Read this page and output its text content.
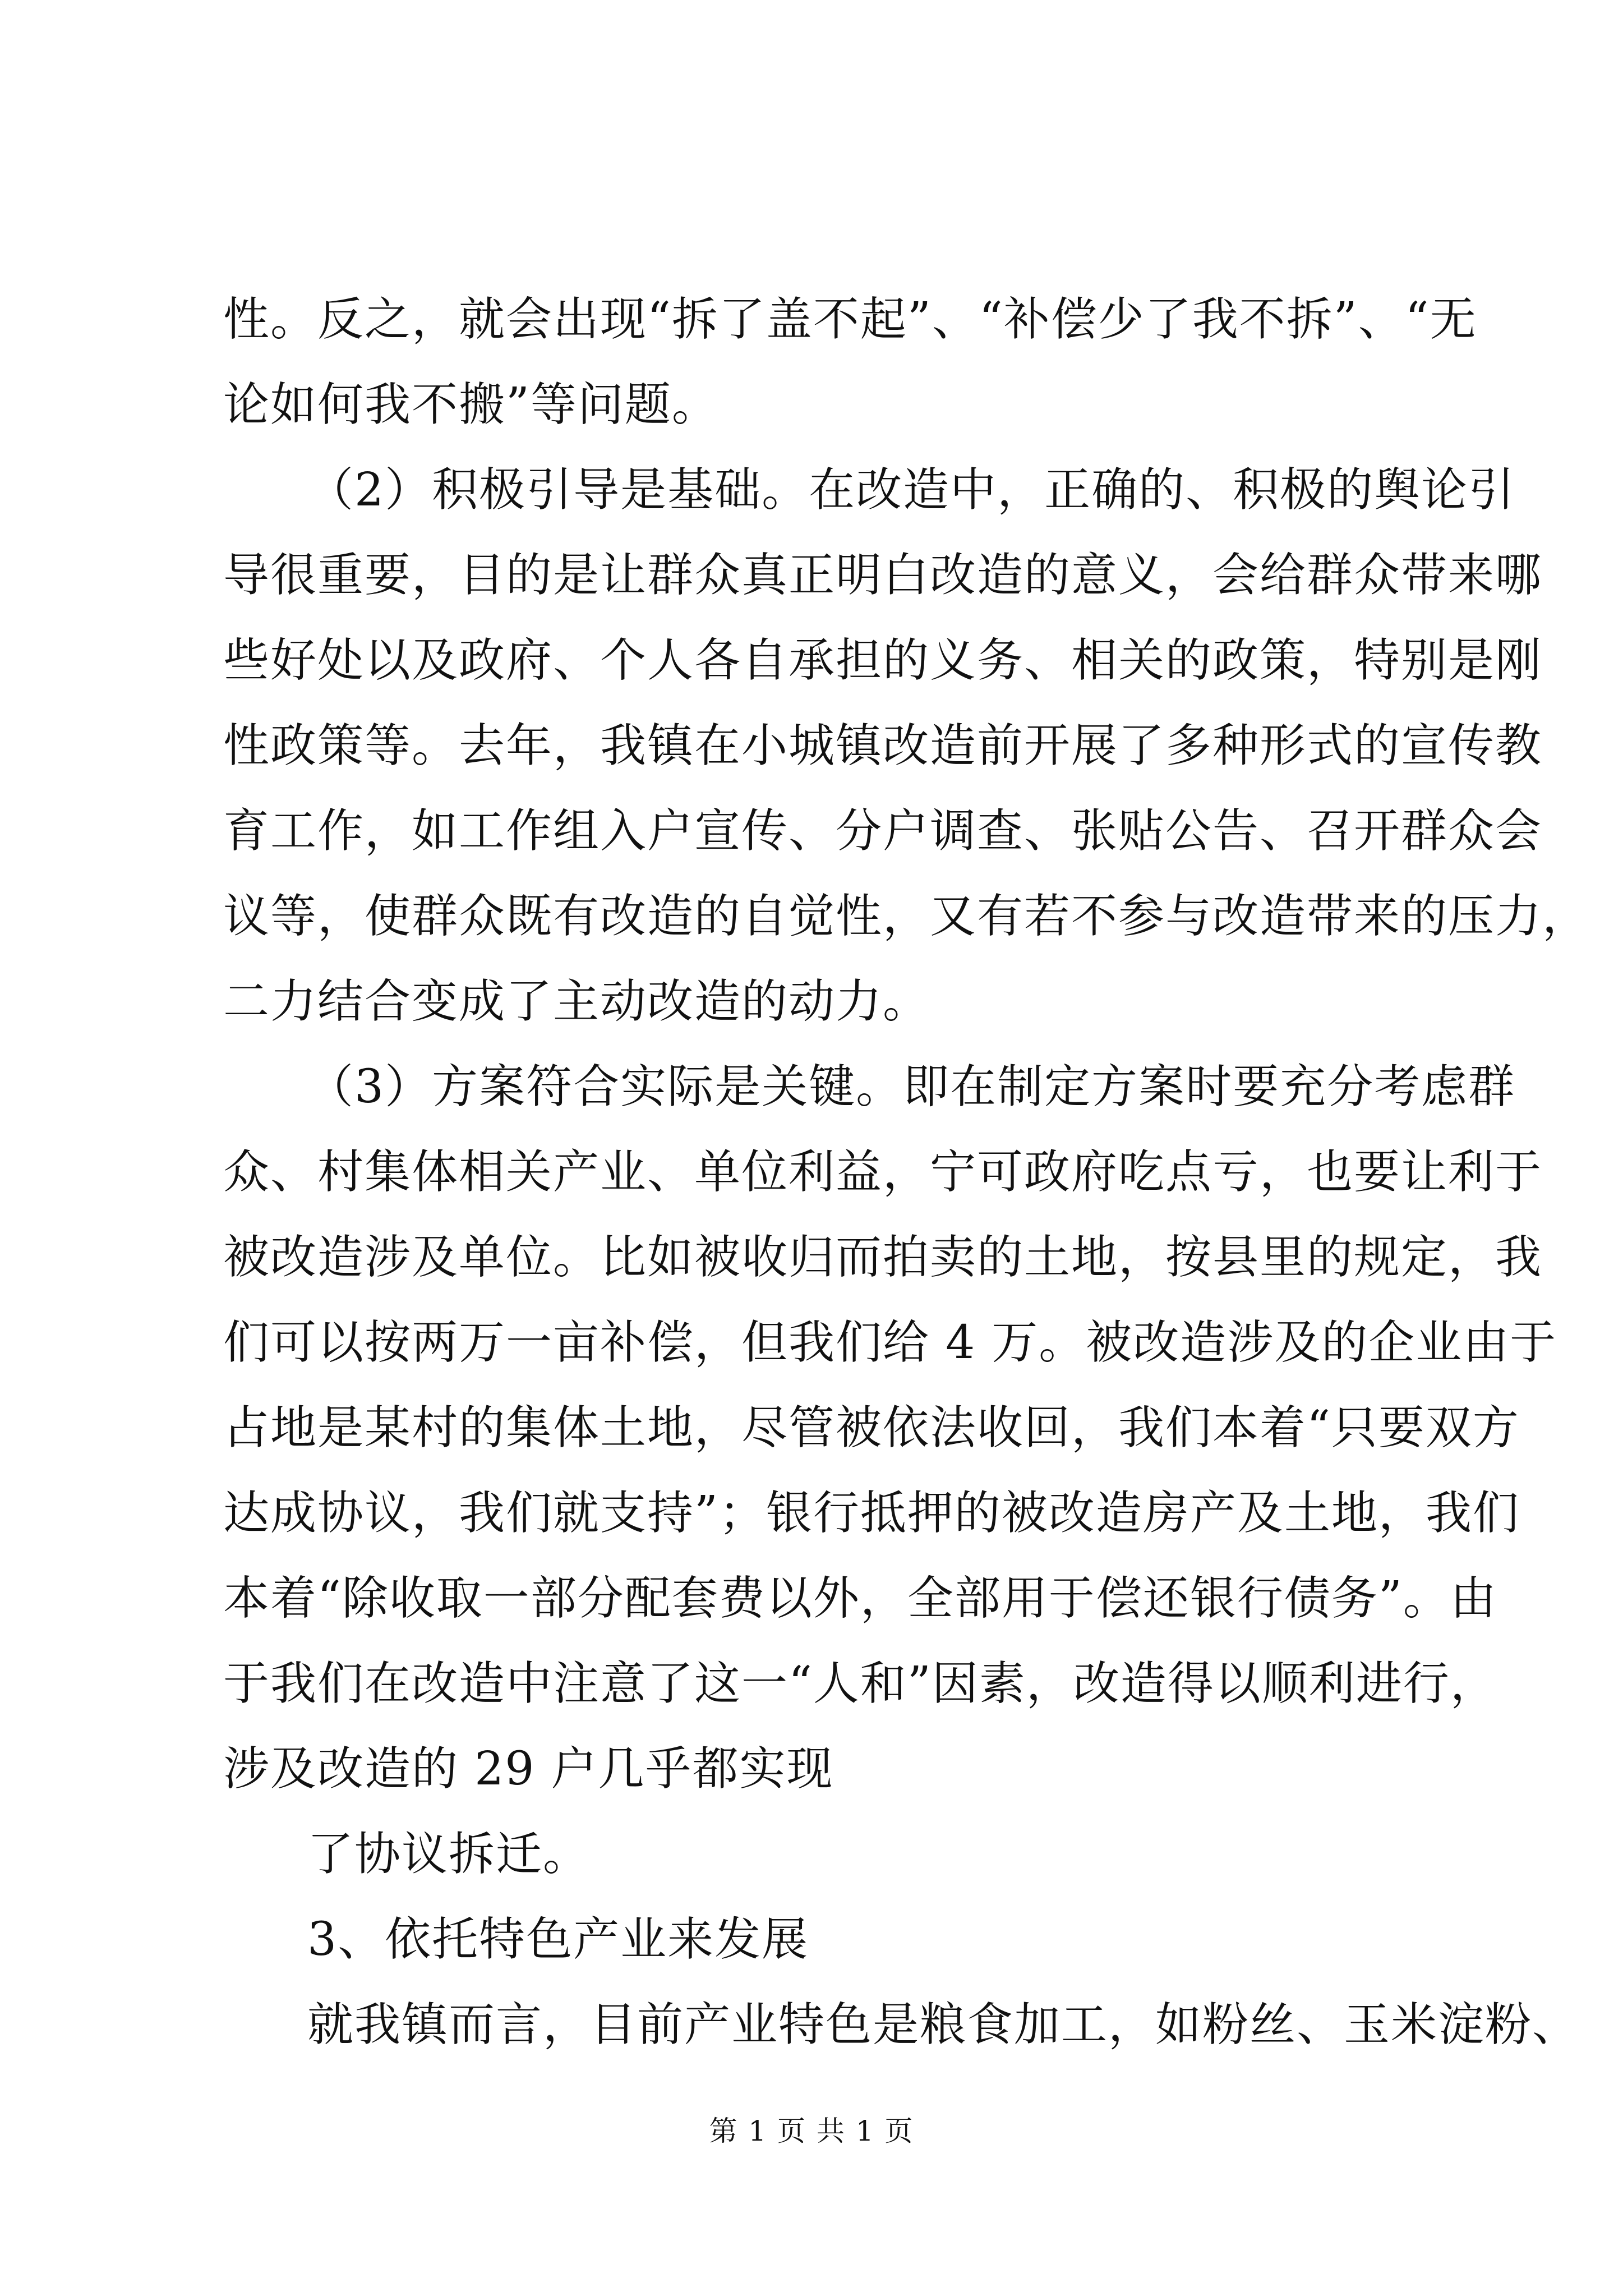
性。反之，就会出现“拆了盖不起”、“补偿少了我不拆”、“无
论如何我不搬”等问题。
（2）积极引导是基础。在改造中，正确的、积极的舆论引
导很重要，目的是让群众真正明白改造的意义，会给群众带来哪
些好处以及政府、个人各自承担的义务、相关的政策，特别是刚
性政策等。去年，我镇在小城镇改造前开展了多种形式的宣传教
育工作，如工作组入户宣传、分户调查、张贴公告、召开群众会
议等，使群众既有改造的自觉性，又有若不参与改造带来的压力，
二力结合变成了主动改造的动力。
（3）方案符合实际是关键。即在制定方案时要充分考虑群
众、村集体相关产业、单位利益，宁可政府吃点亏，也要让利于
被改造涉及单位。比如被收归而拍卖的土地，按县里的规定，我
们可以按两万一亩补偿，但我们给 4 万。被改造涉及的企业由于
占地是某村的集体土地，尽管被依法收回，我们本着“只要双方
达成协议，我们就支持”；银行抵押的被改造房产及土地，我们
本着“除收取一部分配套费以外，全部用于偿还银行债务”。由
于我们在改造中注意了这一“人和”因素，改造得以顺利进行，
涉及改造的 29 户几乎都实现
了协议拆迁。
3、依托特色产业来发展
就我镇而言，目前产业特色是粮食加工，如粉丝、玉米淀粉、
第 1 页 共 1 页
